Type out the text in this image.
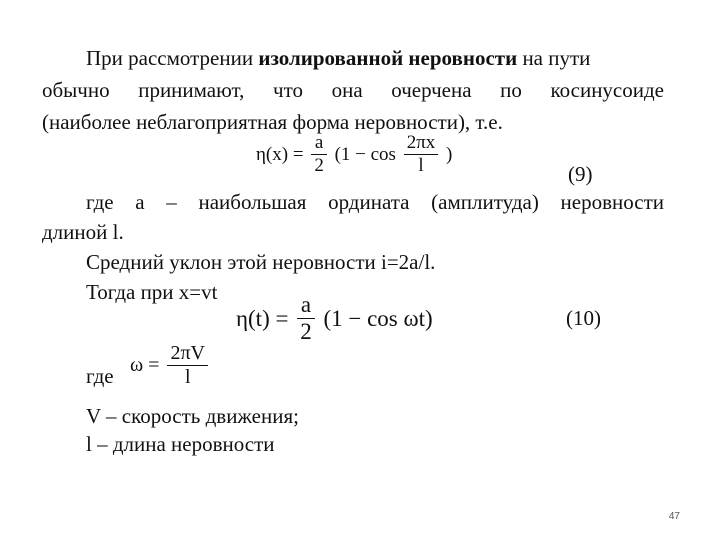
При рассмотрении изолированной неровности на пути
обычно принимают, что она очерчена по косинусоиде
(наиболее неблагоприятная форма неровности), т.е.
$\eta(x) = \frac{a}{2} (1 - \cos \frac{2\pi x}{l}$ )
(9)
где а – наибольшая ордината (амплитуда) неровности
длиной l.
Средний уклон этой неровности i=2a/l.
Тогда при x=vt
$\eta(t) = \frac{a}{2} (1 - \cos \omega t)$	(10)
где $\omega = \frac{2\pi V}{l}$
V – скорость движения;
l – длина неровности
47
